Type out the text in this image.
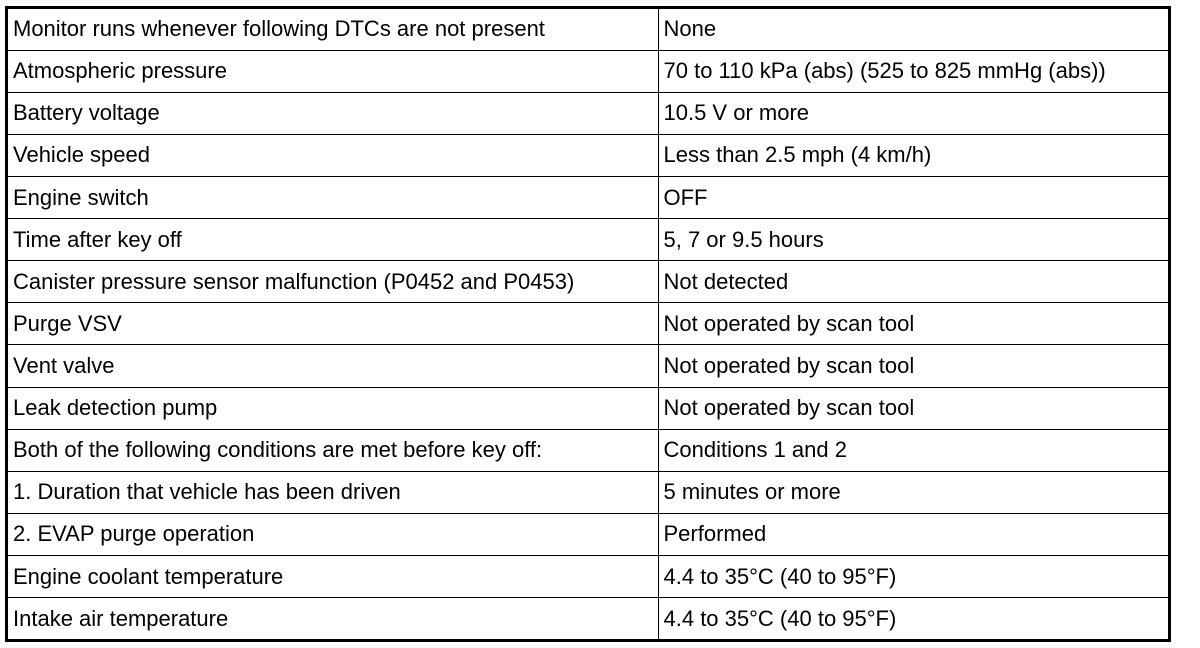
Monitor runs whenever following DTCs are not present	None
Atmospheric pressure	70 to 110 kPa (abs) (525 to 825 mmHg (abs))
Battery voltage	10.5 V or more
Vehicle speed	Less than 2.5 mph (4 km/h)
Engine switch	OFF
Time after key off	5, 7 or 9.5 hours
Canister pressure sensor malfunction (P0452 and P0453)	Not detected
Purge VSV	Not operated by scan tool
Vent valve	Not operated by scan tool
Leak detection pump	Not operated by scan tool
Both of the following conditions are met before key off:	Conditions 1 and 2
1. Duration that vehicle has been driven	5 minutes or more
2. EVAP purge operation	Performed
Engine coolant temperature	4.4 to 35°C (40 to 95°F)
Intake air temperature	4.4 to 35°C (40 to 95°F)
